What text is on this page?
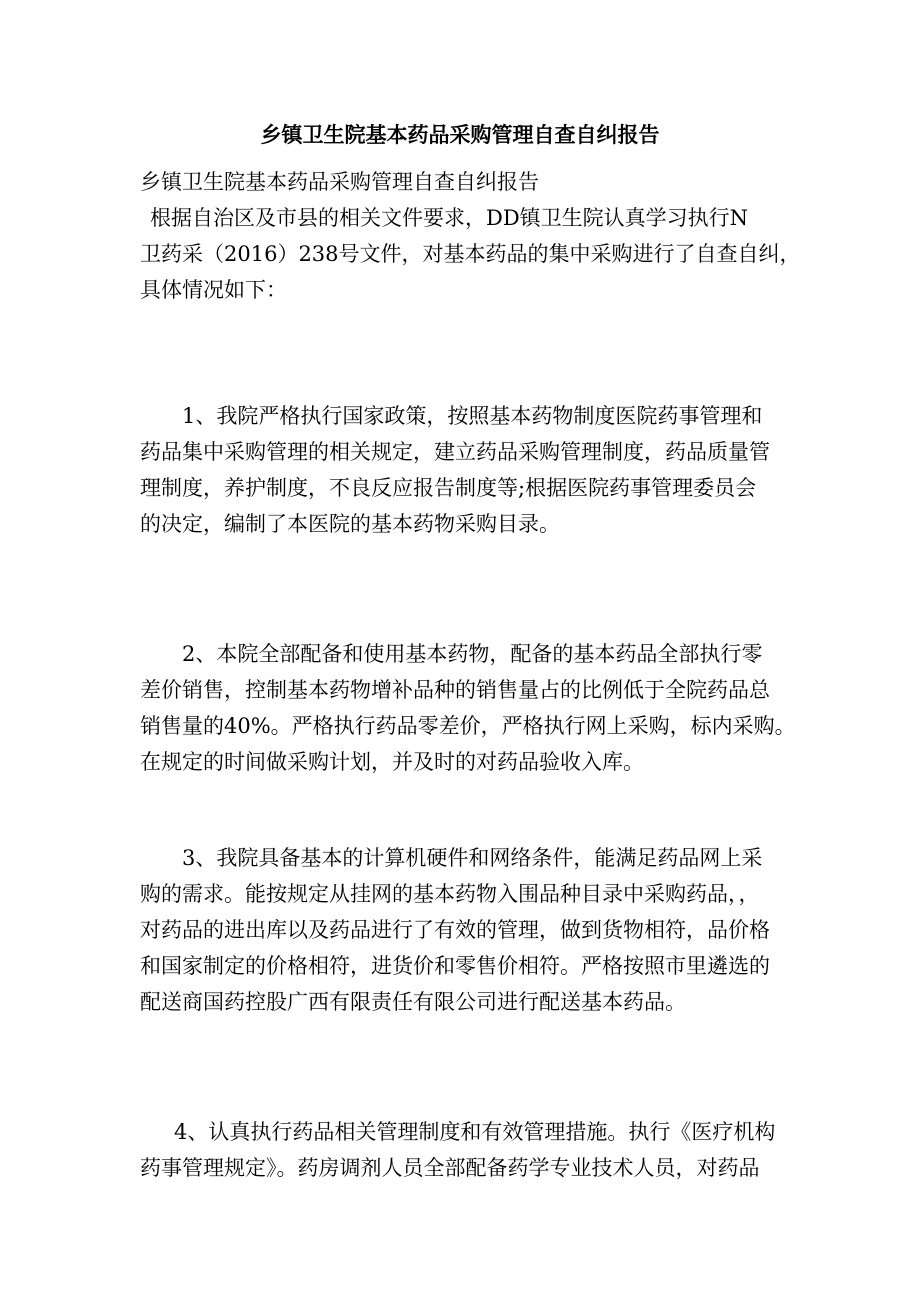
乡镇卫生院基本药品采购管理自查自纠报告
乡镇卫生院基本药品采购管理自查自纠报告
根据自治区及市县的相关文件要求，DD镇卫生院认真学习执行N
卫药采（2016）238号文件，对基本药品的集中采购进行了自查自纠，
具体情况如下：
1、我院严格执行国家政策，按照基本药物制度医院药事管理和
药品集中采购管理的相关规定，建立药品采购管理制度，药品质量管
理制度，养护制度，不良反应报告制度等;根据医院药事管理委员会
的决定，编制了本医院的基本药物采购目录。
2、本院全部配备和使用基本药物，配备的基本药品全部执行零
差价销售，控制基本药物增补品种的销售量占的比例低于全院药品总
销售量的40%。严格执行药品零差价，严格执行网上采购，标内采购。
在规定的时间做采购计划，并及时的对药品验收入库。
3、我院具备基本的计算机硬件和网络条件，能满足药品网上采
购的需求。能按规定从挂网的基本药物入围品种目录中采购药品，，
对药品的进出库以及药品进行了有效的管理，做到货物相符，品价格
和国家制定的价格相符，进货价和零售价相符。严格按照市里遴选的
配送商国药控股广西有限责任有限公司进行配送基本药品。
4、认真执行药品相关管理制度和有效管理措施。执行《医疗机构
药事管理规定》。药房调剂人员全部配备药学专业技术人员，对药品
